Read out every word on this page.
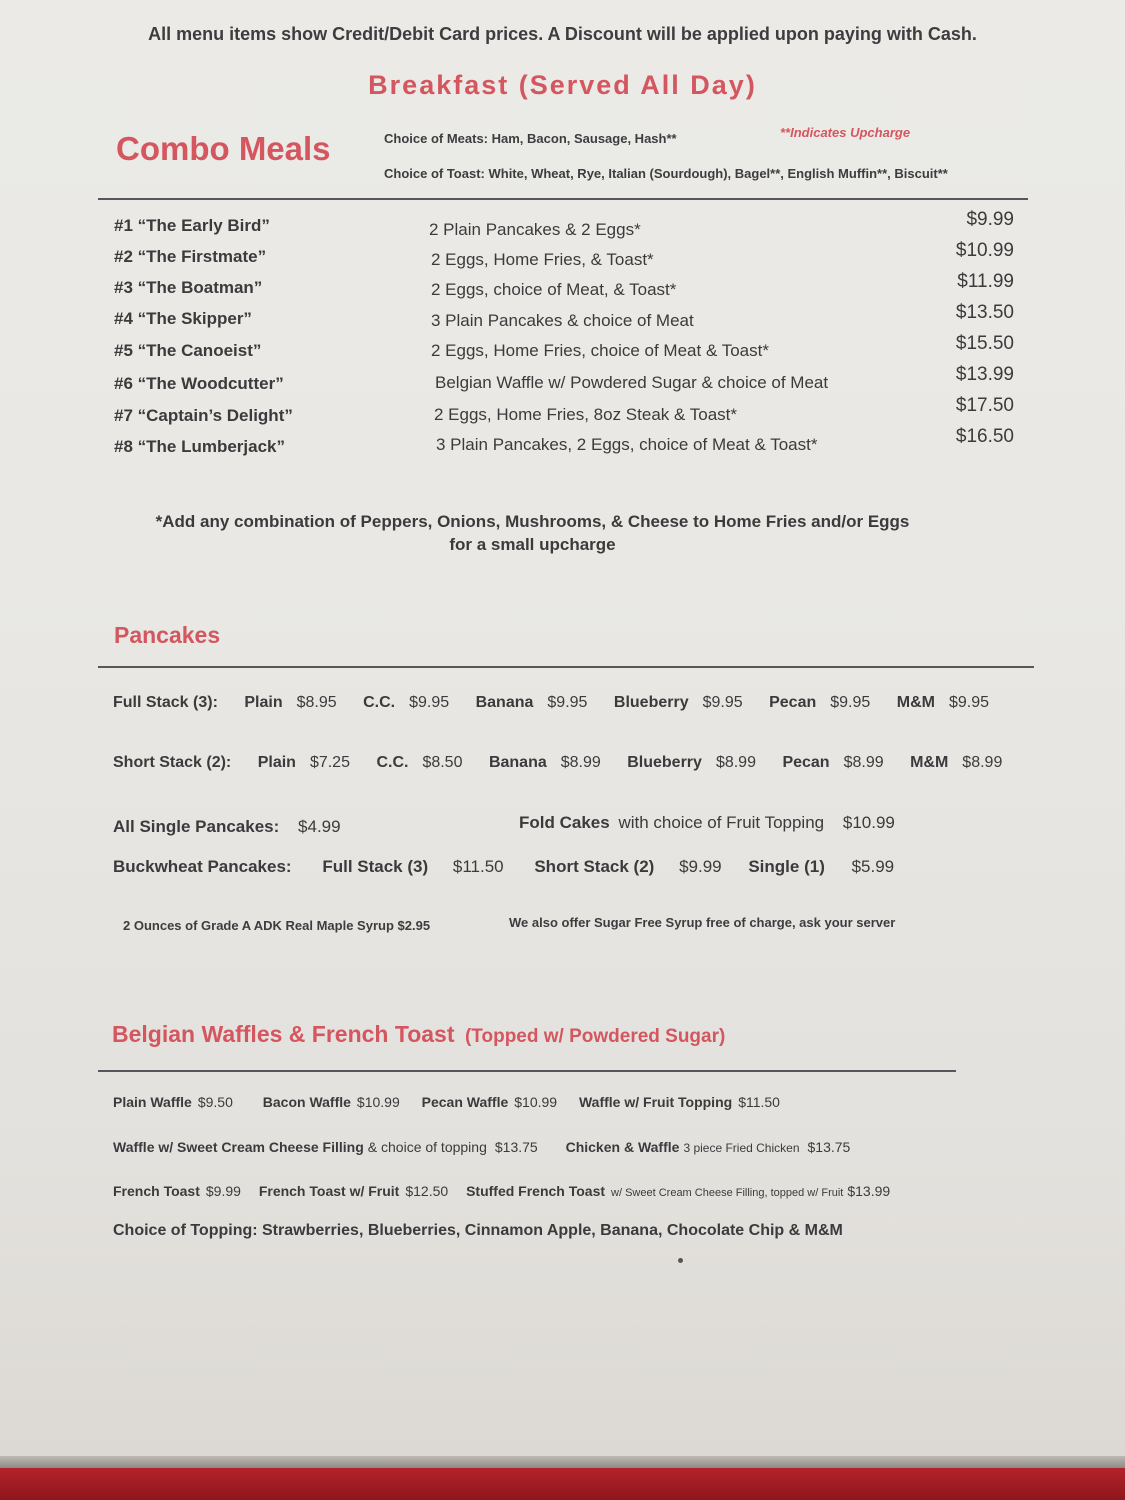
All menu items show Credit/Debit Card prices. A Discount will be applied upon paying with Cash.
Breakfast (Served All Day)
Combo Meals	Choice of Meats: Ham, Bacon, Sausage, Hash**	**Indicates Upcharge
Choice of Toast: White, Wheat, Rye, Italian (Sourdough), Bagel**, English Muffin**, Biscuit**
#1 “The Early Bird”	2 Plain Pancakes & 2 Eggs*	$9.99
#2 “The Firstmate”	2 Eggs, Home Fries, & Toast*	$10.99
#3 “The Boatman”	2 Eggs, choice of Meat, & Toast*	$11.99
#4 “The Skipper”	3 Plain Pancakes & choice of Meat	$13.50
#5 “The Canoeist”	2 Eggs, Home Fries, choice of Meat & Toast*	$15.50
#6 “The Woodcutter”	Belgian Waffle w/ Powdered Sugar & choice of Meat	$13.99
#7 “Captain’s Delight”	2 Eggs, Home Fries, 8oz Steak & Toast*	$17.50
#8 “The Lumberjack”	3 Plain Pancakes, 2 Eggs, choice of Meat & Toast*	$16.50
*Add any combination of Peppers, Onions, Mushrooms, & Cheese to Home Fries and/or Eggs
for a small upcharge
Pancakes
Full Stack (3): Plain $8.95 C.C. $9.95 Banana $9.95 Blueberry $9.95 Pecan $9.95 M&M $9.95
Short Stack (2): Plain $7.25 C.C. $8.50 Banana $8.99 Blueberry $8.99 Pecan $8.99 M&M $8.99
All Single Pancakes: $4.99	Fold Cakes with choice of Fruit Topping $10.99
Buckwheat Pancakes: Full Stack (3) $11.50 Short Stack (2) $9.99 Single (1) $5.99
2 Ounces of Grade A ADK Real Maple Syrup $2.95	We also offer Sugar Free Syrup free of charge, ask your server
Belgian Waffles & French Toast (Topped w/ Powdered Sugar)
Plain Waffle $9.50 Bacon Waffle $10.99 Pecan Waffle $10.99 Waffle w/ Fruit Topping $11.50
Waffle w/ Sweet Cream Cheese Filling & choice of topping $13.75 Chicken & Waffle 3 piece Fried Chicken $13.75
French Toast $9.99 French Toast w/ Fruit $12.50 Stuffed French Toast w/ Sweet Cream Cheese Filling, topped w/ Fruit $13.99
Choice of Topping: Strawberries, Blueberries, Cinnamon Apple, Banana, Chocolate Chip & M&M
